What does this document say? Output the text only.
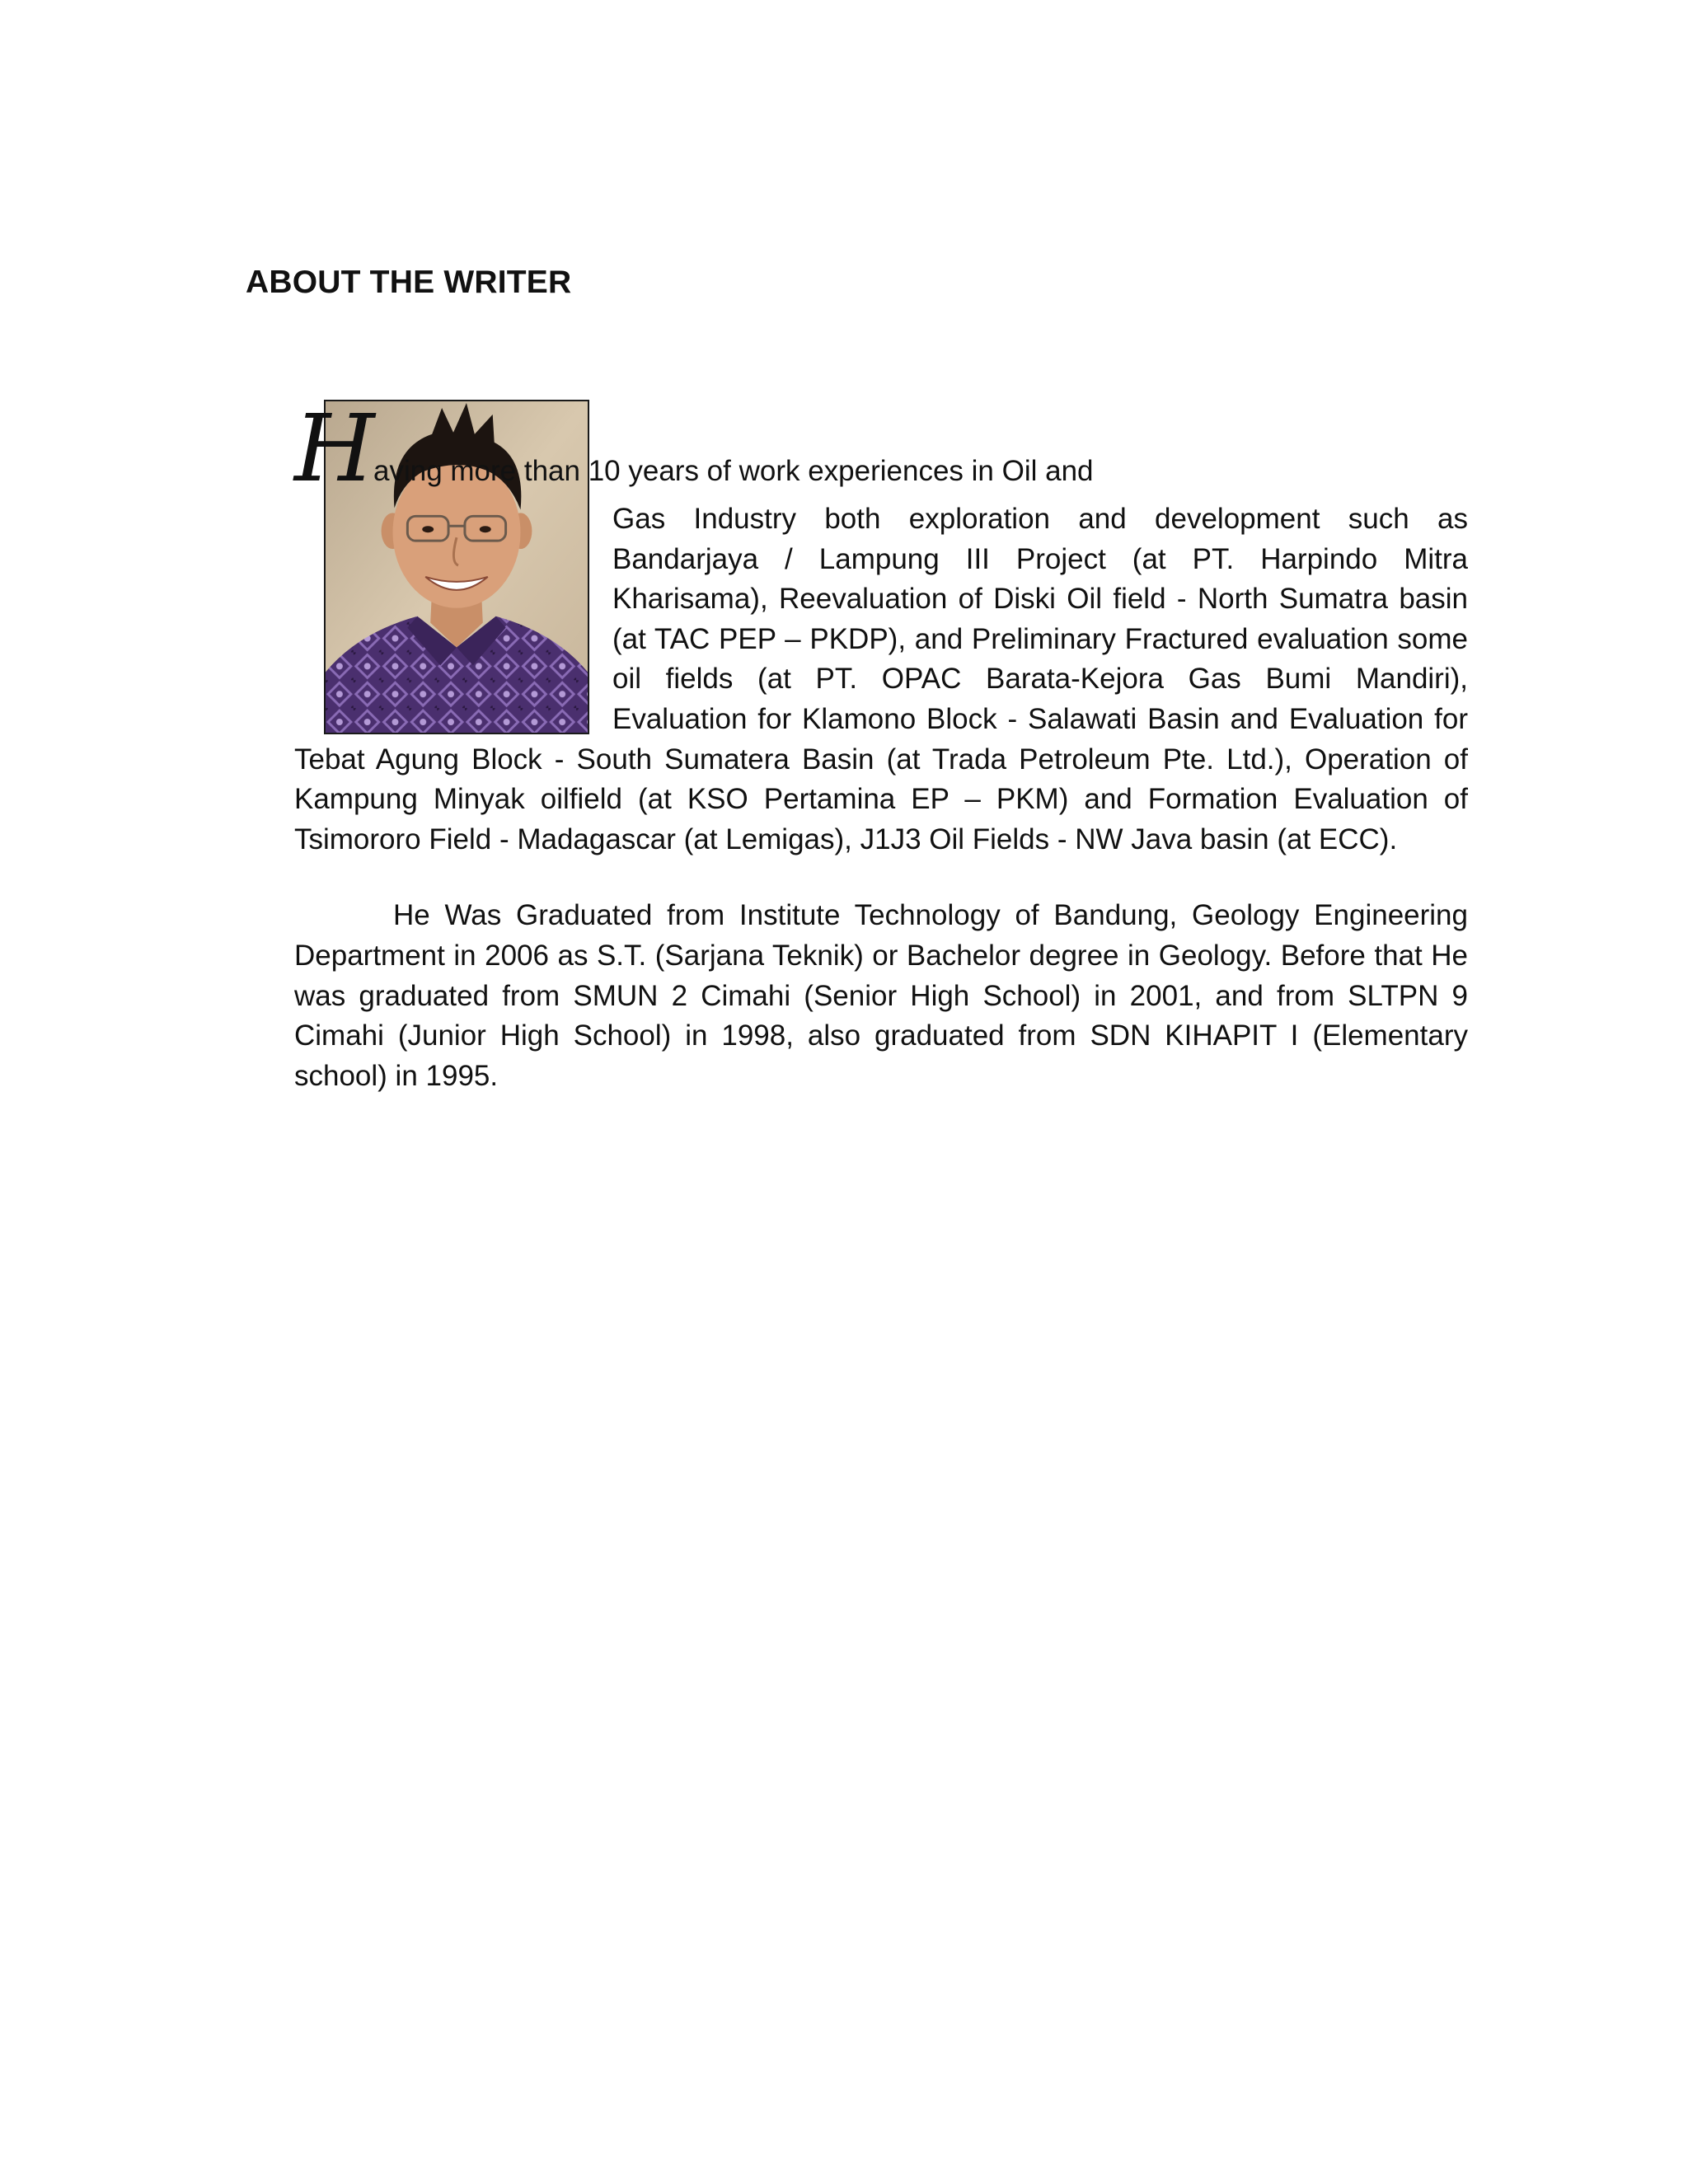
ABOUT THE WRITER
H aving more than 10 years of work experiences in Oil and

Gas Industry both exploration and development such as Bandarjaya / Lampung III Project (at PT. Harpindo Mitra Kharisama), Reevaluation of Diski Oil field - North Sumatra basin (at TAC PEP – PKDP), and Preliminary Fractured evaluation some oil fields (at PT. OPAC Barata-Kejora Gas Bumi Mandiri), Evaluation for Klamono Block - Salawati Basin and Evaluation for Tebat Agung Block - South Sumatera Basin (at Trada Petroleum Pte. Ltd.), Operation of Kampung Minyak oilfield (at KSO Pertamina EP – PKM) and Formation Evaluation of Tsimororo Field - Madagascar (at Lemigas), J1J3 Oil Fields - NW Java basin (at ECC).

He Was Graduated from Institute Technology of Bandung, Geology Engineering Department in 2006 as S.T. (Sarjana Teknik) or Bachelor degree in Geology. Before that He was graduated from SMUN 2 Cimahi (Senior High School) in 2001, and from SLTPN 9 Cimahi (Junior High School) in 1998, also graduated from SDN KIHAPIT I (Elementary school) in 1995.
